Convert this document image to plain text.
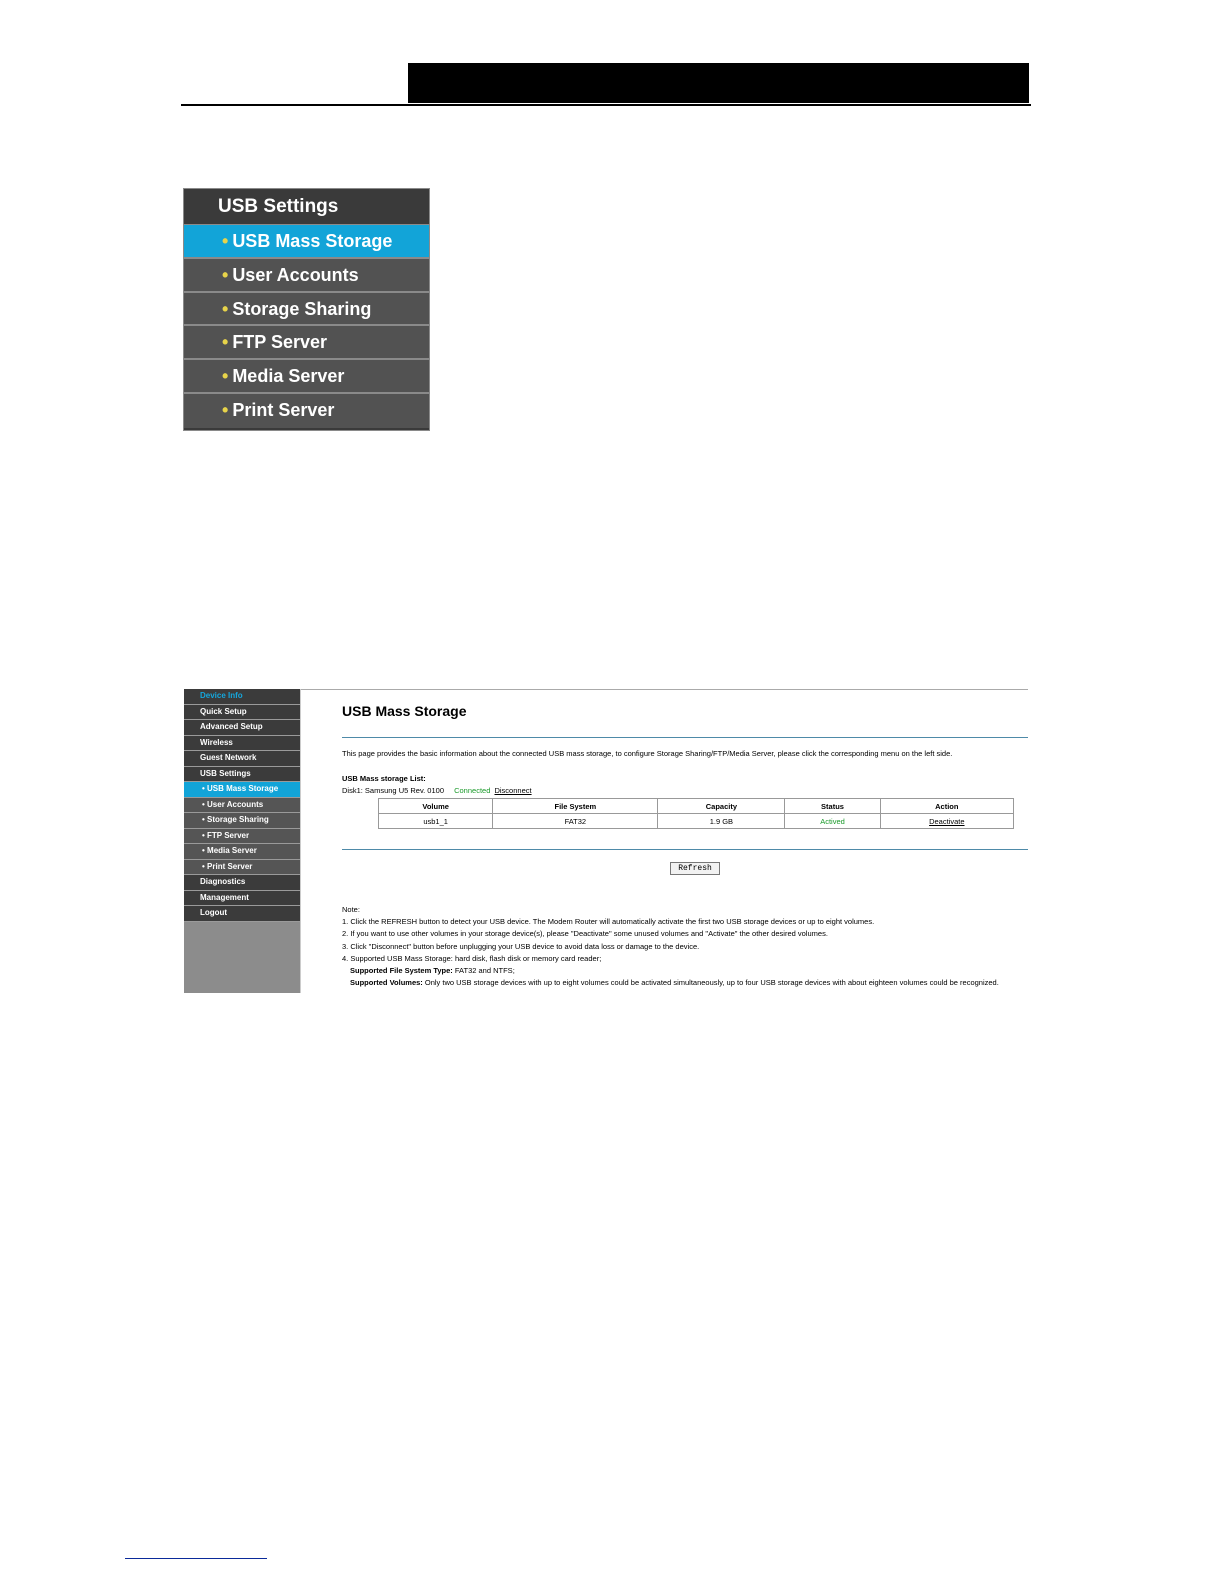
USB Settings
• USB Mass Storage
• User Accounts
• Storage Sharing
• FTP Server
• Media Server
• Print Server
Device Info
Quick Setup
Advanced Setup
Wireless
Guest Network
USB Settings
• USB Mass Storage
• User Accounts
• Storage Sharing
• FTP Server
• Media Server
• Print Server
Diagnostics
Management
Logout
USB Mass Storage
This page provides the basic information about the connected USB mass storage, to configure Storage Sharing/FTP/Media Server, please click the corresponding menu on the left side.
USB Mass storage List:
Disk1: Samsung U5 Rev. 0100 Connected Disconnect
Volume	File System	Capacity	Status	Action
usb1_1	FAT32	1.9 GB	Actived	Deactivate
Refresh
Note:
1. Click the REFRESH button to detect your USB device. The Modem Router will automatically activate the first two USB storage devices or up to eight volumes.
2. If you want to use other volumes in your storage device(s), please "Deactivate" some unused volumes and "Activate" the other desired volumes.
3. Click "Disconnect" button before unplugging your USB device to avoid data loss or damage to the device.
4. Supported USB Mass Storage: hard disk, flash disk or memory card reader;
Supported File System Type: FAT32 and NTFS;
Supported Volumes: Only two USB storage devices with up to eight volumes could be activated simultaneously, up to four USB storage devices with about eighteen volumes could be recognized.
